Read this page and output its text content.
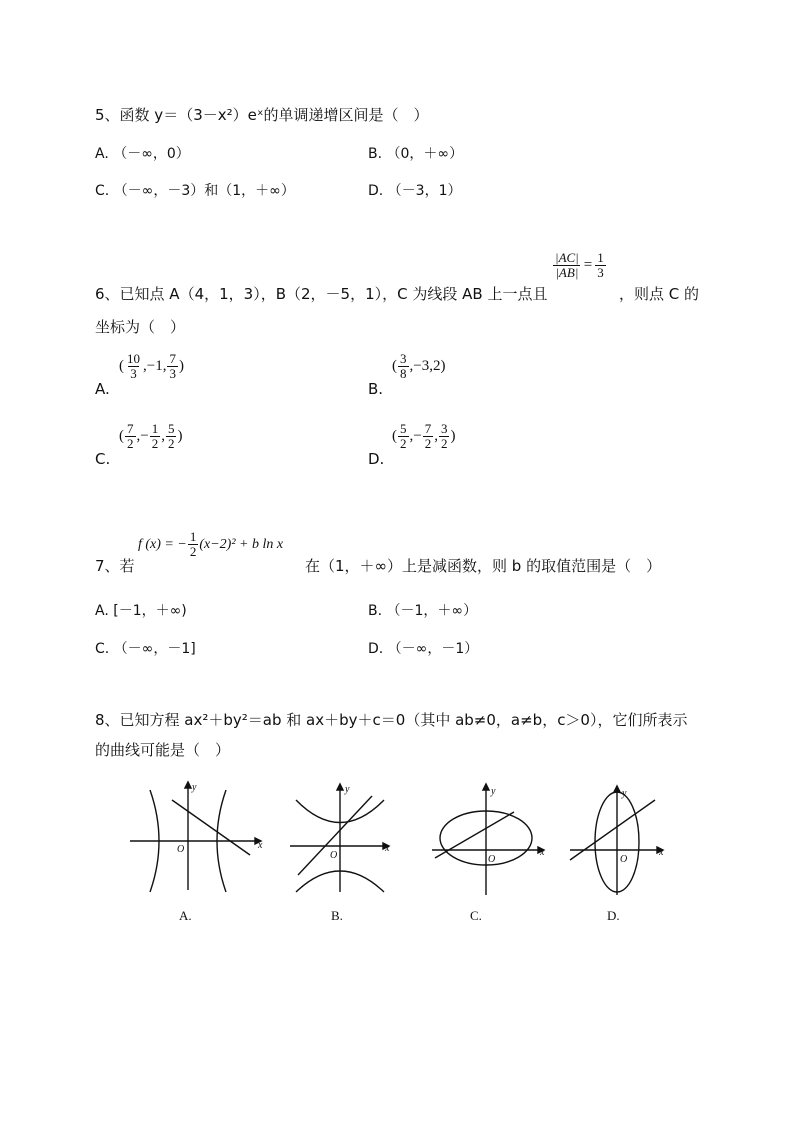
5、函数 y＝（3－x²）eˣ的单调递增区间是（　）
A. （－∞，0）	B. （0，＋∞）
C. （－∞，－3）和（1，＋∞）	D. （－3，1）
6、已知点 A（4，1，3），B（2，－5，1），C 为线段 AB 上一点且
$\frac{|AC|}{|AB|} = \frac{1}{3}$
，则点 C 的
坐标为（　）
A.
( $\frac{10}{3} ,-1$, $\frac{7}{3}$ )
B.
( $\frac{3}{8} ,-3,2$)
C.
( $\frac{7}{2}$ ,− $\frac{1}{2}$ , $\frac{5}{2}$ )
D.
( $\frac{5}{2}$ ,− $\frac{7}{2}$ , $\frac{3}{2}$ )
7、若
f (x) = − $\frac{1}{2} (x-2)^2 + b$ ln x
在（1，＋∞）上是减函数，则 b 的取值范围是（　）
A. [－1，＋∞)	B. （－1，＋∞）
C. （－∞，－1]	D. （－∞，－1）
8、已知方程 ax²＋by²＝ab 和 ax＋by＋c＝0（其中 ab≠0，a≠b，c＞0），它们所表示
的曲线可能是（　）
x
y
O	x
y
O	x
y
O
x
y
O
A.	B.	C.	D.
